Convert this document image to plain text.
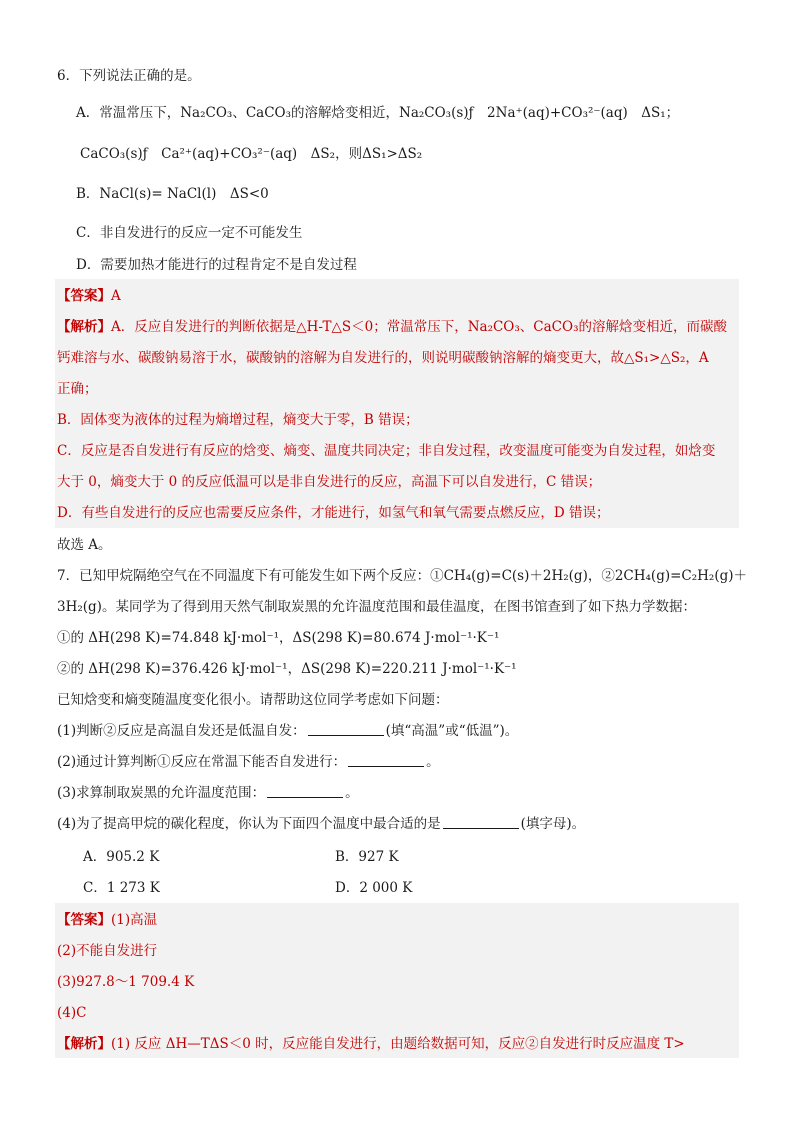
6．下列说法正确的是。
A．常温常压下，Na₂CO₃、CaCO₃的溶解焓变相近，Na₂CO₃(s)ƒ　2Na⁺(aq)+CO₃²⁻(aq)　ΔS₁；
CaCO₃(s)ƒ　Ca²⁺(aq)+CO₃²⁻(aq)　ΔS₂，则ΔS₁>ΔS₂
B．NaCl(s)= NaCl(l)　ΔS<0
C．非自发进行的反应一定不可能发生
D．需要加热才能进行的过程肯定不是自发过程
【答案】A
【解析】A．反应自发进行的判断依据是△H-T△S＜0；常温常压下，Na₂CO₃、CaCO₃的溶解焓变相近，而碳酸
钙难溶与水、碳酸钠易溶于水，碳酸钠的溶解为自发进行的，则说明碳酸钠溶解的熵变更大，故△S₁>△S₂，A
正确；
B．固体变为液体的过程为熵增过程，熵变大于零，B 错误；
C．反应是否自发进行有反应的焓变、熵变、温度共同决定；非自发过程，改变温度可能变为自发过程，如焓变
大于 0，熵变大于 0 的反应低温可以是非自发进行的反应，高温下可以自发进行，C 错误；
D．有些自发进行的反应也需要反应条件，才能进行，如氢气和氧气需要点燃反应，D 错误；
故选 A。
7．已知甲烷隔绝空气在不同温度下有可能发生如下两个反应：①CH₄(g)=C(s)＋2H₂(g)，②2CH₄(g)=C₂H₂(g)＋
3H₂(g)。某同学为了得到用天然气制取炭黑的允许温度范围和最佳温度，在图书馆查到了如下热力学数据：
①的 ΔH(298 K)=74.848 kJ·mol⁻¹，ΔS(298 K)=80.674 J·mol⁻¹·K⁻¹
②的 ΔH(298 K)=376.426 kJ·mol⁻¹，ΔS(298 K)=220.211 J·mol⁻¹·K⁻¹
已知焓变和熵变随温度变化很小。请帮助这位同学考虑如下问题：
(1)判断②反应是高温自发还是低温自发：	(填“高温”或“低温”)。
(2)通过计算判断①反应在常温下能否自发进行：	。
(3)求算制取炭黑的允许温度范围：	。
(4)为了提高甲烷的碳化程度，你认为下面四个温度中最合适的是	(填字母)。
A．905.2 K	B．927 K
C．1 273 K	D．2 000 K
【答案】(1)高温
(2)不能自发进行
(3)927.8～1 709.4 K
(4)C
【解析】(1) 反应 ΔH—TΔS＜0 时，反应能自发进行，由题给数据可知，反应②自发进行时反应温度 T>
